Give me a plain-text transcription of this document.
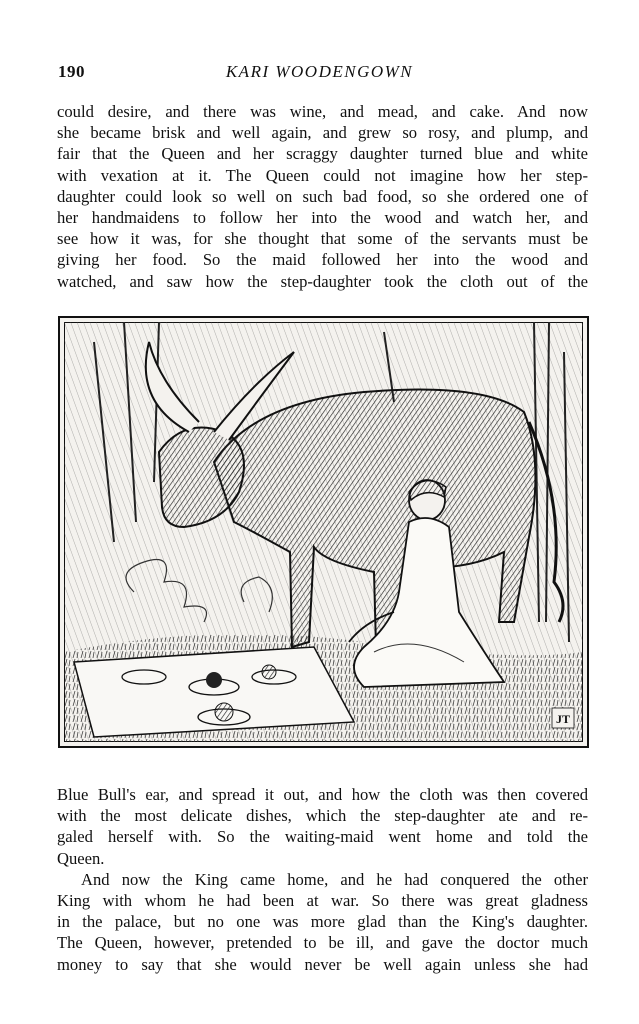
190	KARI WOODENGOWN
could desire, and there was wine, and mead, and cake. And now
she became brisk and well again, and grew so rosy, and plump, and
fair that the Queen and her scraggy daughter turned blue and white
with vexation at it. The Queen could not imagine how her step-
daughter could look so well on such bad food, so she ordered one of
her handmaidens to follow her into the wood and watch her, and
see how it was, for she thought that some of the servants must be
giving her food. So the maid followed her into the wood and
watched, and saw how the step-daughter took the cloth out of the
JT
Blue Bull's ear, and spread it out, and how the cloth was then covered
with the most delicate dishes, which the step-daughter ate and re-
galed herself with. So the waiting-maid went home and told the
Queen.
And now the King came home, and he had conquered the other
King with whom he had been at war. So there was great gladness
in the palace, but no one was more glad than the King's daughter.
The Queen, however, pretended to be ill, and gave the doctor much
money to say that she would never be well again unless she had
